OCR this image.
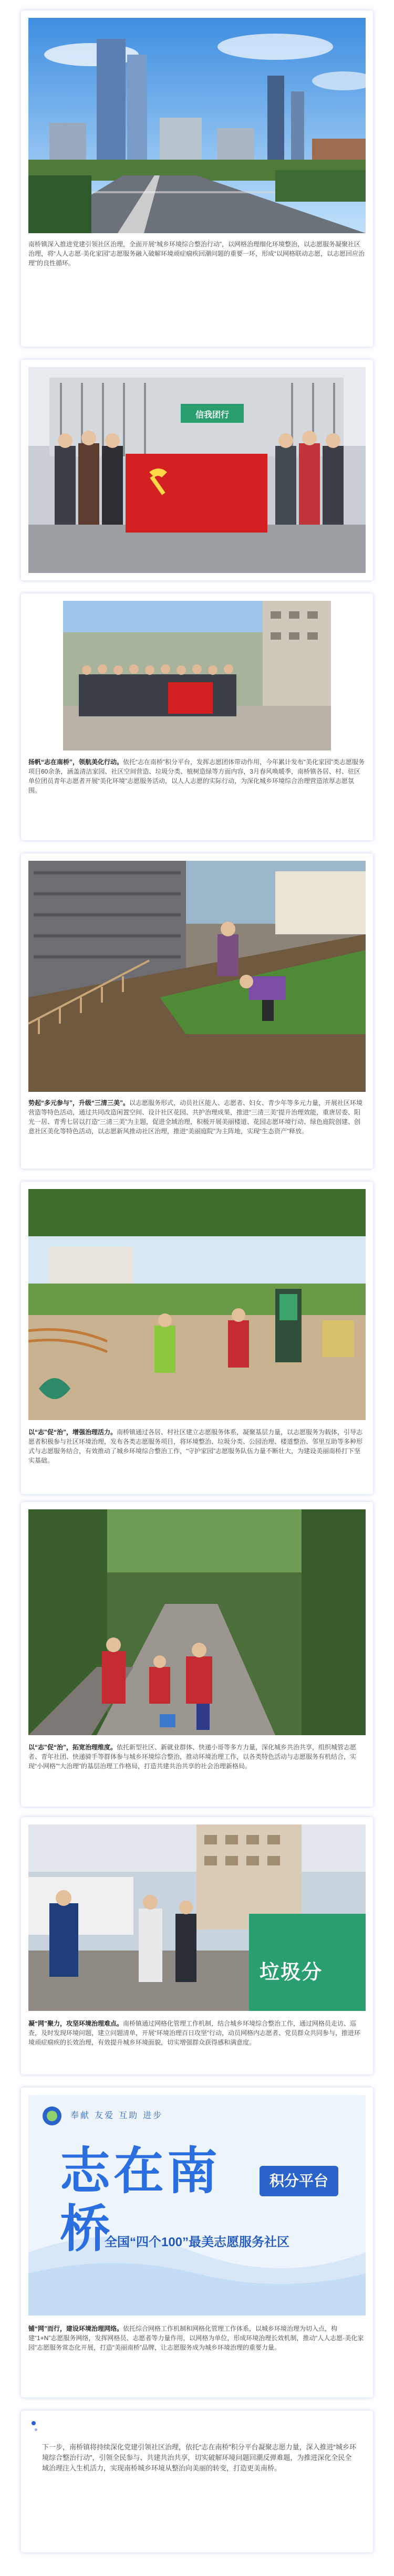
南桥镇深入推进党建引领社区治理，全面开展“城乡环境综合整治行动”，以网格治理细化环境整治，以志愿服务凝聚社区治理，将“人人志愿·美化家园”志愿服务融入破解环境顽症痼疾回潮问题的重要一环，形成“以网格联动志愿，以志愿回应治理”的良性循环。
信我团行
扬帆“志在南桥”，领航美化行动。依托“志在南桥”积分平台，发挥志愿团体带动作用，今年累计发布“美化家园”类志愿服务项目60余条，涵盖清洁家园、社区空间营造、垃圾分类、植树造绿等方面内容，3月春风唤暖季，南桥镇各居、村、驻区单位团员青年志愿者开展“美化环境”志愿服务活动，以人人志愿的实际行动，为深化城乡环境综合治理营造浓厚志愿氛围。
势起“多元参与”，升级“三清三美”。以志愿服务形式，动员社区能人、志愿者、妇女、青少年等多元力量，开展社区环境营造等特色活动，通过共同改造闲置空间、设计社区花园、共护治理成果，推进“三清三美”提升治理效能，重唐居委、阳光一居、青秀七居以打造“三清三美”为主题，促进全域治理，积极开展美丽楼道、花园志愿环境行动、绿色庭院创建、创意社区美化等特色活动，以志愿新风推动社区治理，推进“美丽庭院”为主阵地，实现“生态资产”释放。
以“志”促“治”，增强治理活力。南桥镇通过各居、村社区建立志愿服务体系，凝聚基层力量，以志愿服务为载体，引导志愿者积极参与社区环境治理，发布各类志愿服务项目，将环境整治、垃圾分类、公园治理、楼道整治、邻里互助等多种形式与志愿服务结合，有效推动了城乡环境综合整治工作，“守护家园”志愿服务队伍力量不断壮大，为建设美丽南桥打下坚实基础。
以“志”促“治”，拓宽治理维度。依托新型社区、新就业群体、快递小哥等多方力量，深化城乡共治共享，组织城管志愿者、青年社团、快递骑手等群体参与城乡环境综合整治，推动环境治理工作，以各类特色活动与志愿服务有机结合，实现“小网格”“大治理”的基层治理工作格局，打造共建共治共享的社会治理新格局。
垃圾分
凝“网”聚力，攻坚环境治理难点。南桥镇通过网格化管理工作机制，结合城乡环境综合整治工作，通过网格员走访、巡查，及时发现环境问题，建立问题清单，开展“环境治理百日攻坚”行动，动员网格内志愿者、党员群众共同参与，推进环境顽症痼疾的长效治理，有效提升城乡环境面貌，切实增强群众获得感和满意度。
奉献 友爱 互助 进步
志在南桥
积分平台
全国“四个100”最美志愿服务社区
铺“网”而行，建设环境治理网络。依托综合网格工作机制和网格化管理工作体系，以城乡环境治理为切入点，构建“1+N”志愿服务网络，发挥网格员、志愿者等力量作用，以网格为单位，形成环境治理长效机制，推动“人人志愿·美化家园”志愿服务常态化开展，打造“美丽南桥”品牌，让志愿服务成为城乡环境治理的重要力量。
下一步，南桥镇将持续深化党建引领社区治理，依托“志在南桥”积分平台凝聚志愿力量，深入推进“城乡环境综合整治行动”，引领全民参与、共建共治共享，切实破解环境问题回潮反弹难题，为推进深化全民全域治理注入生机活力，实现南桥城乡环境从整治向美丽的转变，打造更美南桥。
